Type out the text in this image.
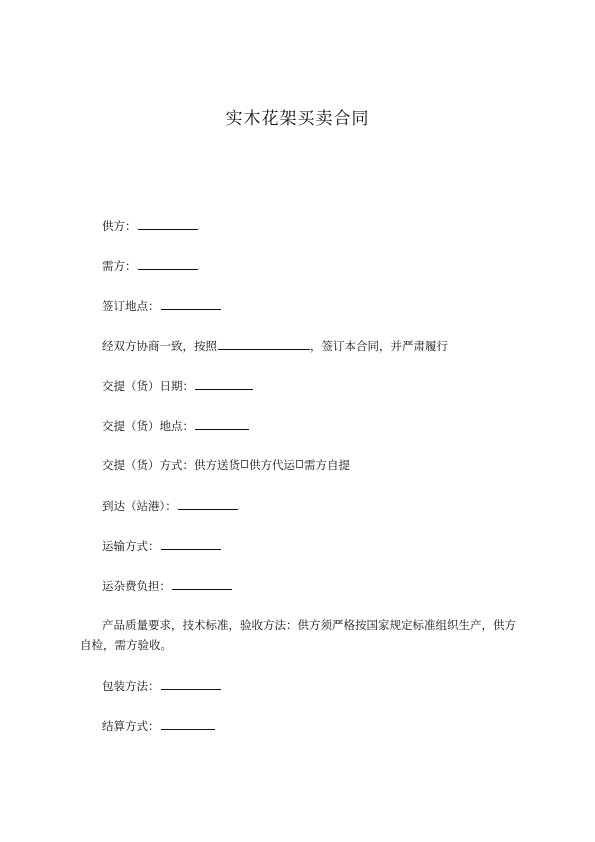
实木花架买卖合同
供方：
需方：
签订地点：
经双方协商一致，按照	，签订本合同，并严肃履行
交提（货）日期：
交提（货）地点：
交提（货）方式：供方送货 供方代运 需方自提
到达（站港）：
运输方式：
运杂费负担：
产品质量要求，技术标准，验收方法：供方须严格按国家规定标准组织生产，供方自检，需方验收。
包装方法：
结算方式：
